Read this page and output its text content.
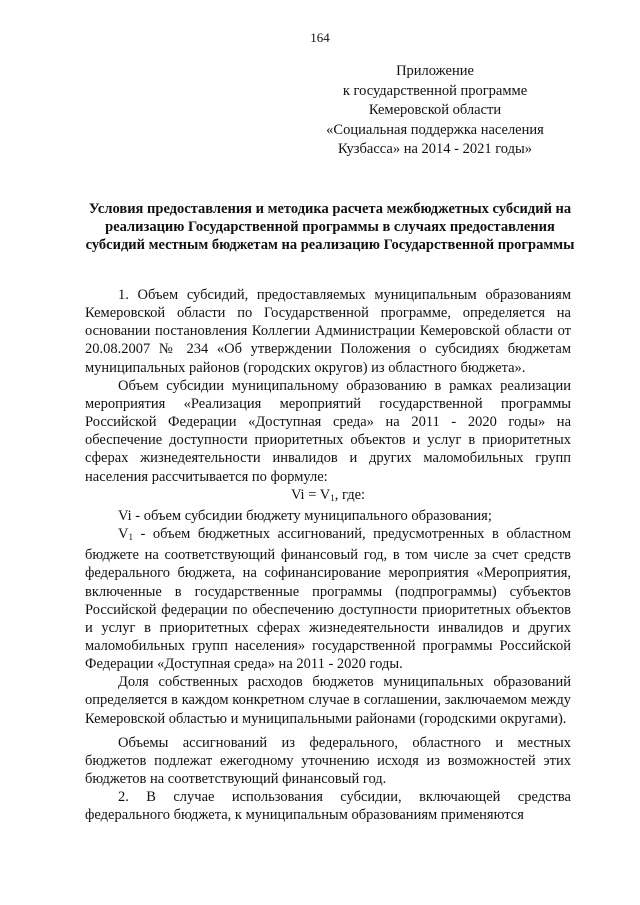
164
Приложение
к государственной программе
Кемеровской области
«Социальная поддержка населения
Кузбасса» на 2014 - 2021 годы»
Условия предоставления и методика расчета межбюджетных субсидий на реализацию Государственной программы в случаях предоставления субсидий местным бюджетам на реализацию Государственной программы

1. Объем субсидий, предоставляемых муниципальным образованиям Кемеровской области по Государственной программе, определяется на основании постановления Коллегии Администрации Кемеровской области от 20.08.2007 № 234 «Об утверждении Положения о субсидиях бюджетам муниципальных районов (городских округов) из областного бюджета».

Объем субсидии муниципальному образованию в рамках реализации мероприятия «Реализация мероприятий государственной программы Российской Федерации «Доступная среда» на 2011 - 2020 годы» на обеспечение доступности приоритетных объектов и услуг в приоритетных сферах жизнедеятельности инвалидов и других маломобильных групп населения рассчитывается по формуле:

$Vi = V_1$, где:

Vi - объем субсидии бюджету муниципального образования;

$V_1$ - объем бюджетных ассигнований, предусмотренных в областном бюджете на соответствующий финансовый год, в том числе за счет средств федерального бюджета, на софинансирование мероприятия «Мероприятия, включенные в государственные программы (подпрограммы) субъектов Российской федерации по обеспечению доступности приоритетных объектов и услуг в приоритетных сферах жизнедеятельности инвалидов и других маломобильных групп населения» государственной программы Российской Федерации «Доступная среда» на 2011 - 2020 годы.

Доля собственных расходов бюджетов муниципальных образований определяется в каждом конкретном случае в соглашении, заключаемом между Кемеровской областью и муниципальными районами (городскими округами).

Объемы ассигнований из федерального, областного и местных бюджетов подлежат ежегодному уточнению исходя из возможностей этих бюджетов на соответствующий финансовый год.

2. В случае использования субсидии, включающей средства федерального бюджета, к муниципальным образованиям применяются
